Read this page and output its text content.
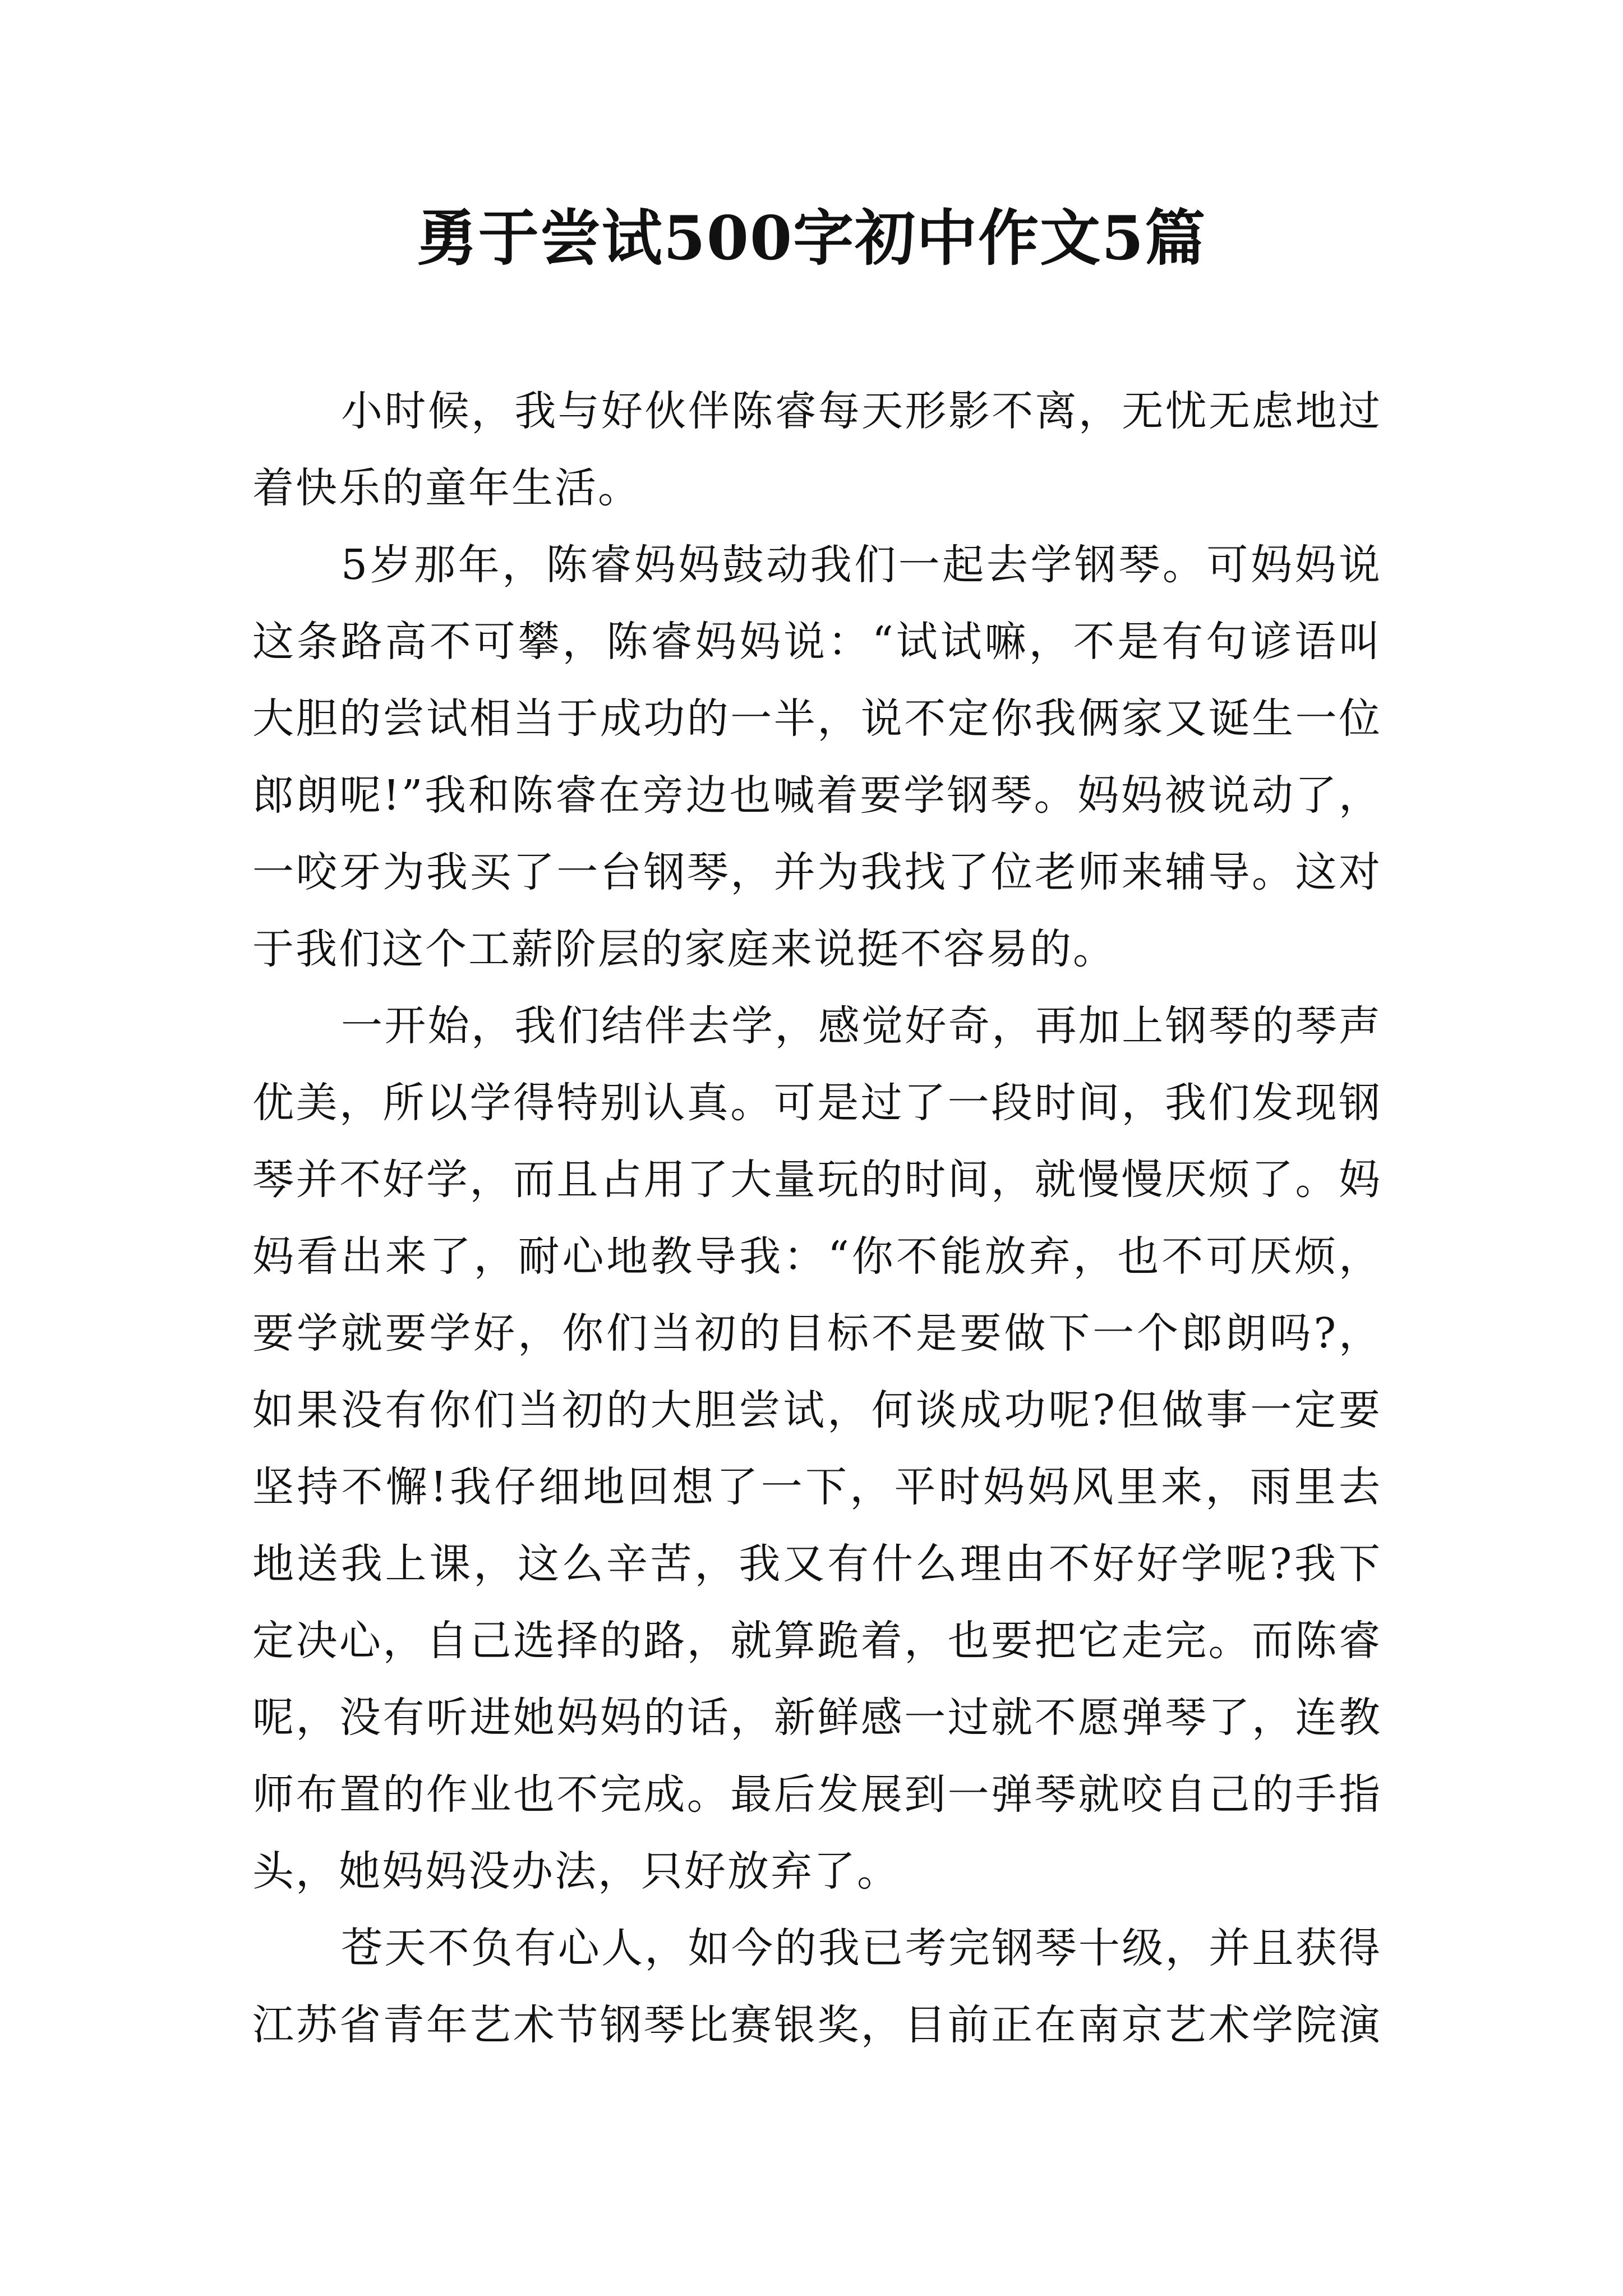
勇于尝试500字初中作文5篇

小时候，我与好伙伴陈睿每天形影不离，无忧无虑地过
着快乐的童年生活。

5岁那年，陈睿妈妈鼓动我们一起去学钢琴。可妈妈说
这条路高不可攀，陈睿妈妈说：“试试嘛，不是有句谚语叫
大胆的尝试相当于成功的一半，说不定你我俩家又诞生一位
郎朗呢!”我和陈睿在旁边也喊着要学钢琴。妈妈被说动了，
一咬牙为我买了一台钢琴，并为我找了位老师来辅导。这对
于我们这个工薪阶层的家庭来说挺不容易的。

一开始，我们结伴去学，感觉好奇，再加上钢琴的琴声
优美，所以学得特别认真。可是过了一段时间，我们发现钢
琴并不好学，而且占用了大量玩的时间，就慢慢厌烦了。妈
妈看出来了，耐心地教导我：“你不能放弃，也不可厌烦，
要学就要学好，你们当初的目标不是要做下一个郎朗吗?，
如果没有你们当初的大胆尝试，何谈成功呢?但做事一定要
坚持不懈!我仔细地回想了一下，平时妈妈风里来，雨里去
地送我上课，这么辛苦，我又有什么理由不好好学呢?我下
定决心，自己选择的路，就算跪着，也要把它走完。而陈睿
呢，没有听进她妈妈的话，新鲜感一过就不愿弹琴了，连教
师布置的作业也不完成。最后发展到一弹琴就咬自己的手指
头，她妈妈没办法，只好放弃了。

苍天不负有心人，如今的我已考完钢琴十级，并且获得
江苏省青年艺术节钢琴比赛银奖，目前正在南京艺术学院演
